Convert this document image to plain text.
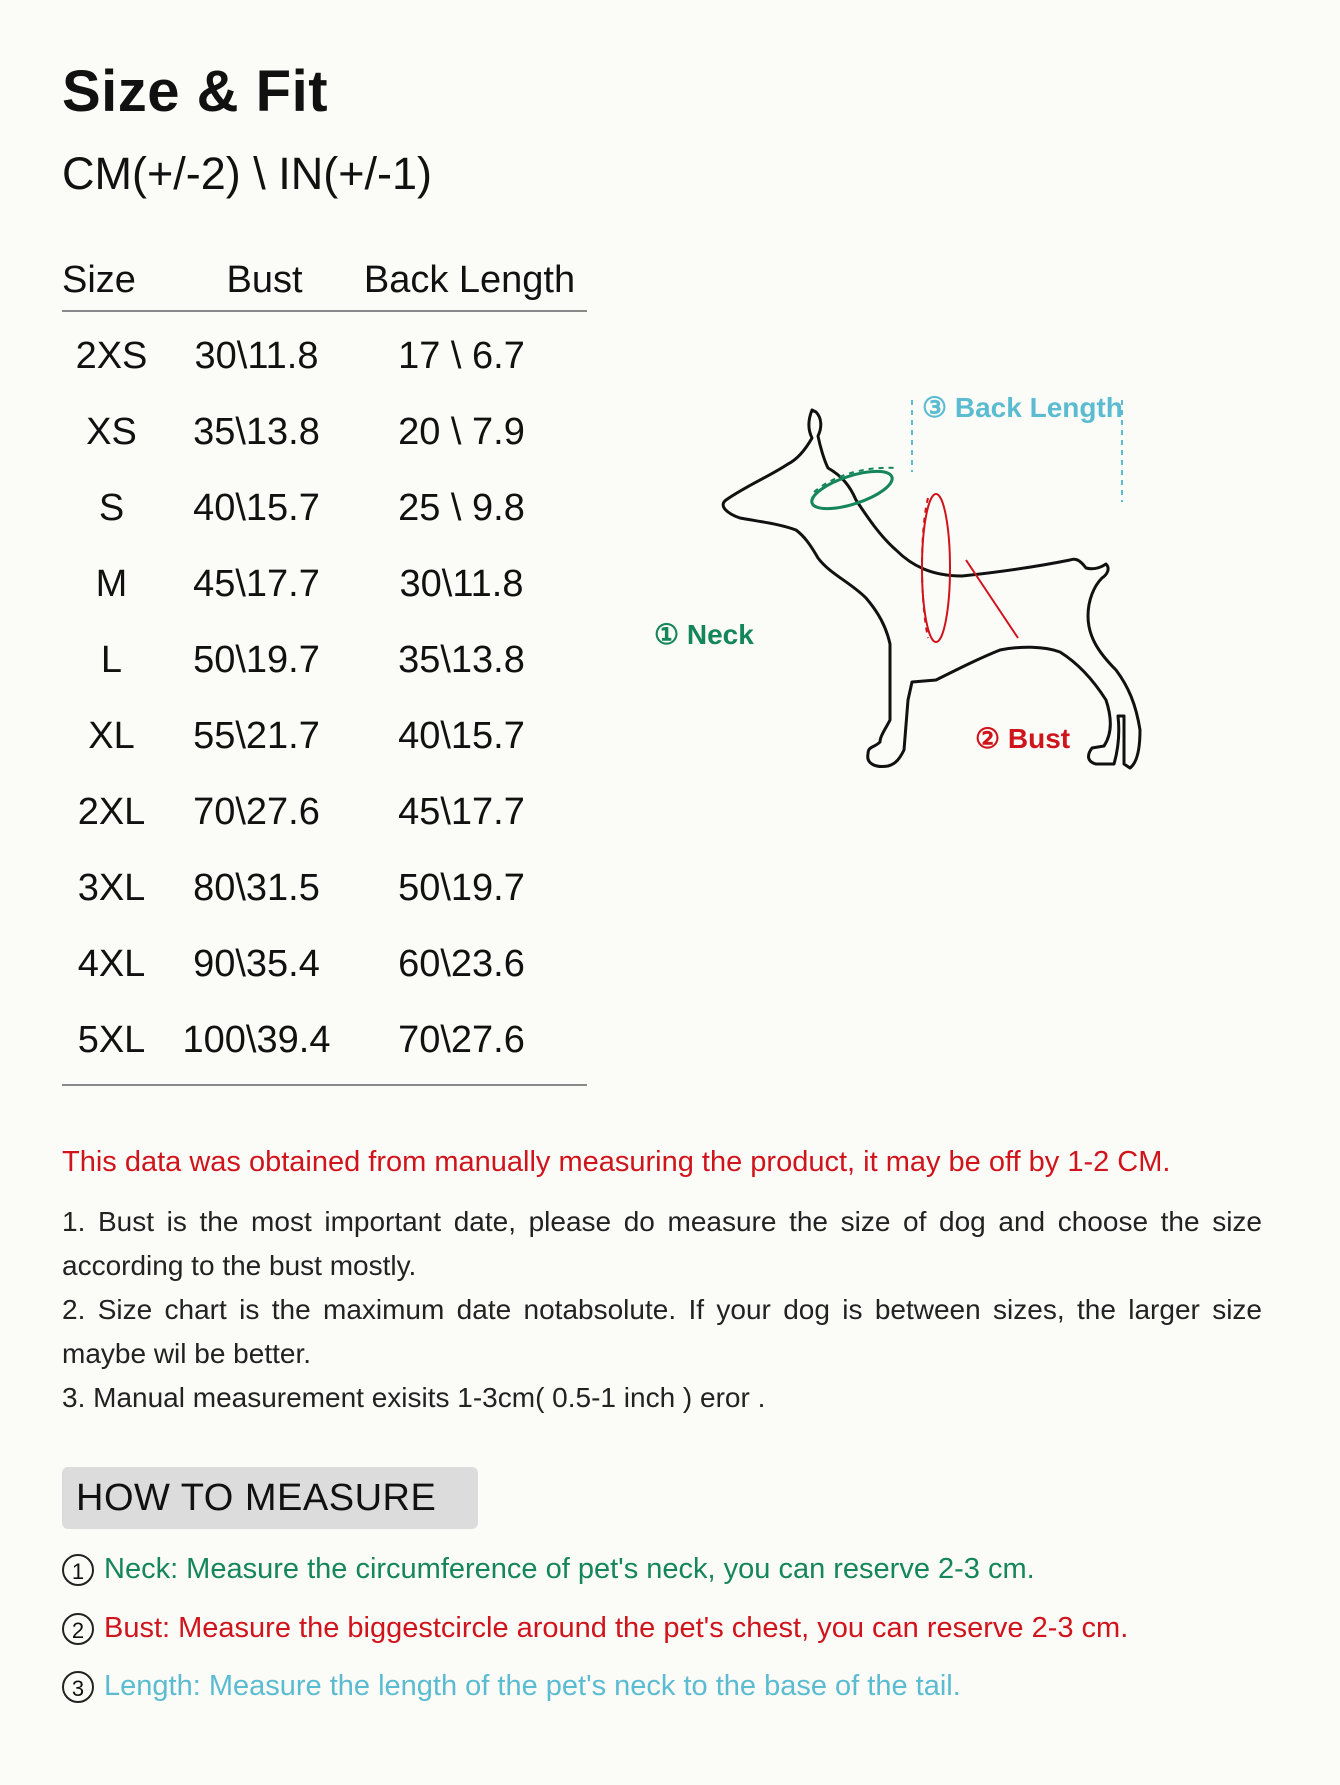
Size & Fit
CM(+/-2) \ IN(+/-1)
Size	Bust	Back Length
2XS	30\11.8	17 \ 6.7
XS	35\13.8	20 \ 7.9
S	40\15.7	25 \ 9.8
M	45\17.7	30\11.8
L	50\19.7	35\13.8
XL	55\21.7	40\15.7
2XL	70\27.6	45\17.7
3XL	80\31.5	50\19.7
4XL	90\35.4	60\23.6
5XL 100\39.4	70\27.6
③ Back Length
① Neck
② Bust
This data was obtained from manually measuring the product, it may be off by 1-2 CM.

1. Bust is the most important date, please do measure the size of dog and choose the size according to the bust mostly.

2. Size chart is the maximum date notabsolute. If your dog is between sizes, the larger size maybe wil be better.

3. Manual measurement exisits 1-3cm( 0.5-1 inch ) eror .

HOW TO MEASURE
1 Neck: Measure the circumference of pet's neck, you can reserve 2-3 cm.
2 Bust: Measure the biggestcircle around the pet's chest, you can reserve 2-3 cm.
3 Length: Measure the length of the pet's neck to the base of the tail.
